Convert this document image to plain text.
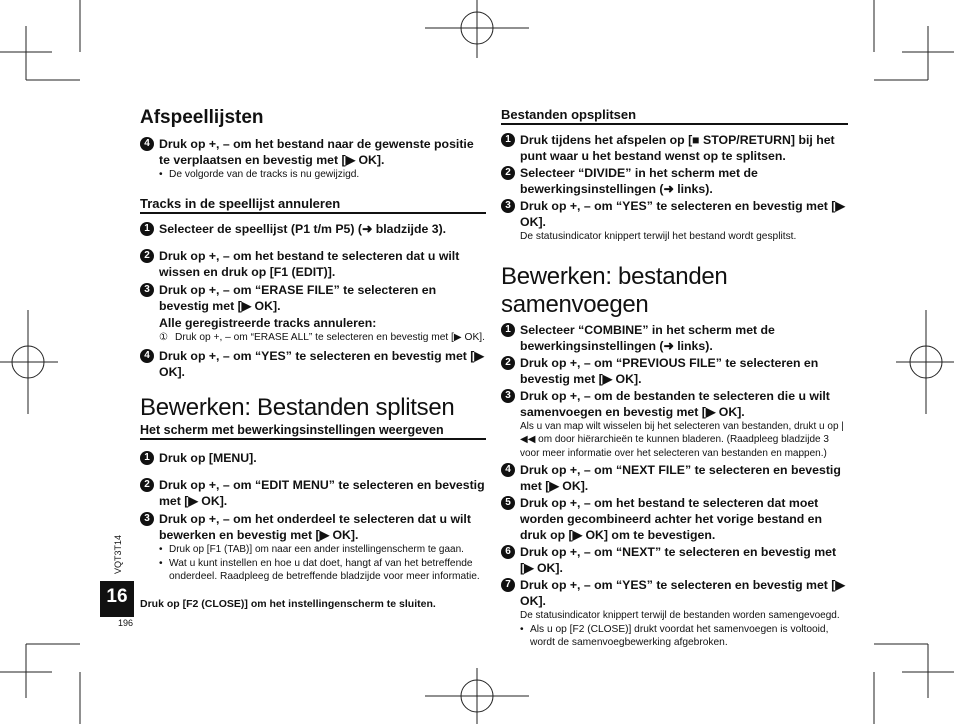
VQT3T14
16
196
Afspeellijsten
4 Druk op +, – om het bestand naar de gewenste positie te verplaatsen en bevestig met [▶ OK].
• De volgorde van de tracks is nu gewijzigd.
Tracks in de speellijst annuleren
1 Selecteer de speellijst (P1 t/m P5) (➜ bladzijde 3).
2 Druk op +, – om het bestand te selecteren dat u wilt wissen en druk op [F1 (EDIT)].
3 Druk op +, – om “ERASE FILE” te selecteren en bevestig met [▶ OK].
Alle geregistreerde tracks annuleren:
① Druk op +, – om “ERASE ALL” te selecteren en bevestig met [▶ OK].
4 Druk op +, – om “YES” te selecteren en bevestig met [▶ OK].
Bewerken: Bestanden splitsen
Het scherm met bewerkingsinstellingen weergeven
1 Druk op [MENU].
2 Druk op +, – om “EDIT MENU” te selecteren en bevestig met [▶ OK].
3 Druk op +, – om het onderdeel te selecteren dat u wilt bewerken en bevestig met [▶ OK].
• Druk op [F1 (TAB)] om naar een ander instellingenscherm te gaan.
• Wat u kunt instellen en hoe u dat doet, hangt af van het betreffende onderdeel. Raadpleeg de betreffende bladzijde voor meer informatie.
Druk op [F2 (CLOSE)] om het instellingenscherm te sluiten.
Bestanden opsplitsen
1 Druk tijdens het afspelen op [■ STOP/RETURN] bij het punt waar u het bestand wenst op te splitsen.
2 Selecteer “DIVIDE” in het scherm met de bewerkingsinstellingen (➜ links).
3 Druk op +, – om “YES” te selecteren en bevestig met [▶ OK].
De statusindicator knippert terwijl het bestand wordt gesplitst.
Bewerken: bestanden samenvoegen
1 Selecteer “COMBINE” in het scherm met de bewerkingsinstellingen (➜ links).
2 Druk op +, – om “PREVIOUS FILE” te selecteren en bevestig met [▶ OK].
3 Druk op +, – om de bestanden te selecteren die u wilt samenvoegen en bevestig met [▶ OK].
Als u van map wilt wisselen bij het selecteren van bestanden, drukt u op |◀◀ om door hiërarchieën te kunnen bladeren. (Raadpleeg bladzijde 3 voor meer informatie over het selecteren van bestanden en mappen.)
4 Druk op +, – om “NEXT FILE” te selecteren en bevestig met [▶ OK].
5 Druk op +, – om het bestand te selecteren dat moet worden gecombineerd achter het vorige bestand en druk op [▶ OK] om te bevestigen.
6 Druk op +, – om “NEXT” te selecteren en bevestig met [▶ OK].
7 Druk op +, – om “YES” te selecteren en bevestig met [▶ OK].
De statusindicator knippert terwijl de bestanden worden samengevoegd.
• Als u op [F2 (CLOSE)] drukt voordat het samenvoegen is voltooid, wordt de samenvoegbewerking afgebroken.
